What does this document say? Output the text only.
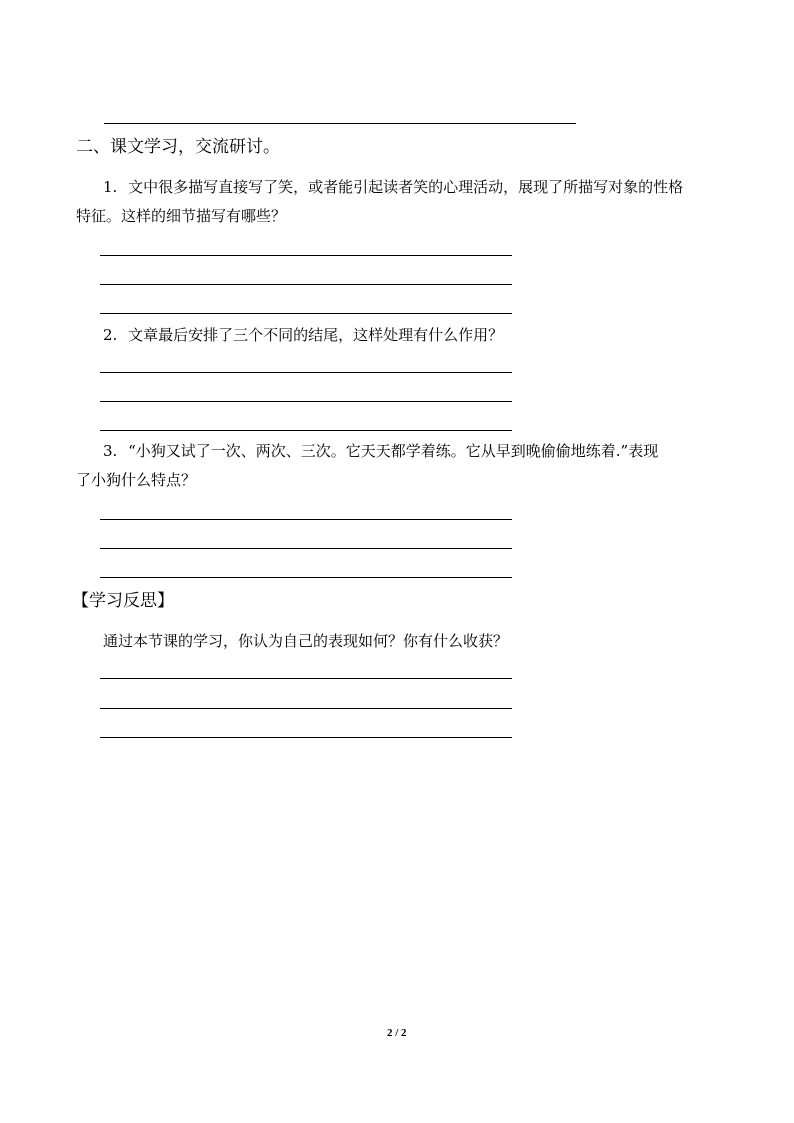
二、课文学习，交流研讨。
1. 文中很多描写直接写了笑，或者能引起读者笑的心理活动，展现了所描写对象的性格
特征。这样的细节描写有哪些？
2. 文章最后安排了三个不同的结尾，这样处理有什么作用？
3. “小狗又试了一次、两次、三次。它天天都学着练。它从早到晚偷偷地练着.”表现
了小狗什么特点？
【学习反思】
通过本节课的学习，你认为自己的表现如何？你有什么收获？
2 / 2
